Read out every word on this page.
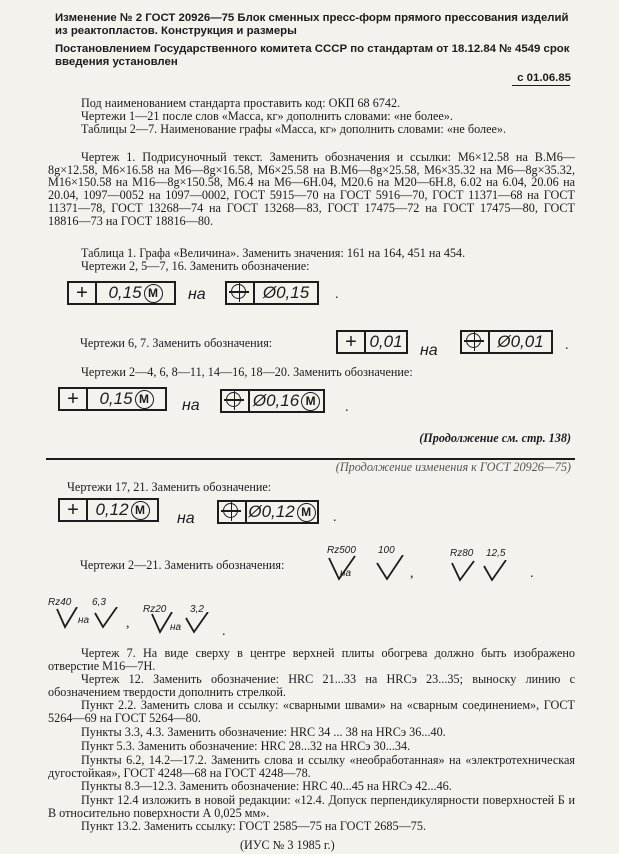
Изменение № 2 ГОСТ 20926—75 Блок сменных пресс-форм прямого прессования изделий из реактопластов. Конструкция и размеры
Постановлением Государственного комитета СССР по стандартам от 18.12.84 № 4549 срок введения установлен
с 01.06.85
Под наименованием стандарта проставить код: ОКП 68 6742.
Чертежи 1—21 после слов «Масса, кг» дополнить словами: «не более».
Таблицы 2—7. Наименование графы «Масса, кг» дополнить словами: «не более».
Чертеж 1. Подрисуночный текст. Заменить обозначения и ссылки: М6×12.58 на В.М6—8g×12.58, М6×16.58 на М6—8g×16.58, М6×25.58 на В.М6—8g×25.58, М6×35.32 на М6—8g×35.32, М16×150.58 на М16—8g×150.58, М6.4 на М6—6Н.04, М20.6 на М20—6Н.8, 6.02 на 6.04, 20.06 на 20.04, 1097—0052 на 1097—0002, ГОСТ 5915—70 на ГОСТ 5916—70, ГОСТ 11371—68 на ГОСТ 11371—78, ГОСТ 13268—74 на ГОСТ 13268—83, ГОСТ 17475—72 на ГОСТ 17475—80, ГОСТ 18816—73 на ГОСТ 18816—80.
Таблица 1. Графа «Величина». Заменить значения: 161 на 164, 451 на 454.
Чертежи 2, 5—7, 16. Заменить обозначение:
+	0,15 M на	Ø0,15	.
Чертежи 6, 7. Заменить обозначения:	+ 0,01 на	Ø0,01	.
Чертежи 2—4, 6, 8—11, 14—16, 18—20. Заменить обозначение:
+	0,15 M на	Ø0,16 M	.
(Продолжение см. стр. 138)
(Продолжение изменения к ГОСТ 20926—75)
Чертежи 17, 21. Заменить обозначение:
+ 0,12 M на	Ø0,12 M	.
Чертежи 2—21. Заменить обозначения:
Rz500 100
на	,
Rz80 12,5
.
Rz40 6,3
на	,
Rz20 3,2
на	.
Чертеж 7. На виде сверху в центре верхней плиты обогрева должно быть изображено отверстие М16—7Н.
Чертеж 12. Заменить обозначение: HRC 21...33 на HRCэ 23...35; выноску линию с обозначением твердости дополнить стрелкой.
Пункт 2.2. Заменить слова и ссылку: «сварными швами» на «сварным соединением», ГОСТ 5264—69 на ГОСТ 5264—80.
Пункты 3.3, 4.3. Заменить обозначение: HRC 34 ... 38 на HRCэ 36...40.
Пункт 5.3. Заменить обозначение: HRC 28...32 на HRCэ 30...34.
Пункты 6.2, 14.2—17.2. Заменить слова и ссылку «необработанная» на «электротехническая дугостойкая», ГОСТ 4248—68 на ГОСТ 4248—78.
Пункты 8.3—12.3. Заменить обозначение: HRC 40...45 на HRCэ 42...46.
Пункт 12.4 изложить в новой редакции: «12.4. Допуск перпендикулярности поверхностей Б и В относительно поверхности А 0,025 мм».
Пункт 13.2. Заменить ссылку: ГОСТ 2585—75 на ГОСТ 2685—75.
(ИУС № 3 1985 г.)
